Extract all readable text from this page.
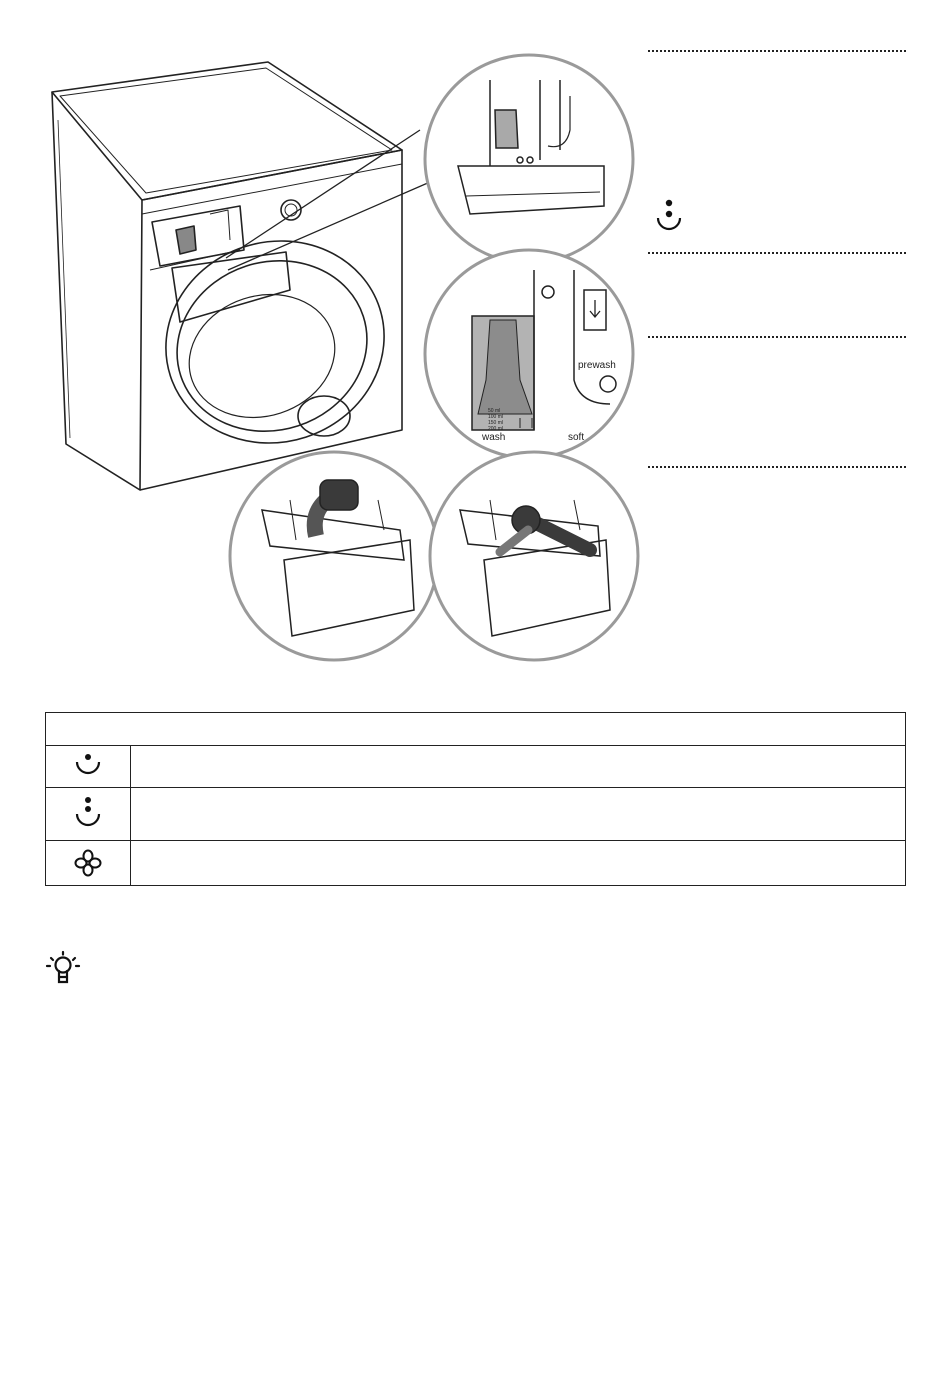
prewash
wash	soft
50 ml
100 ml
150 ml
200 ml
